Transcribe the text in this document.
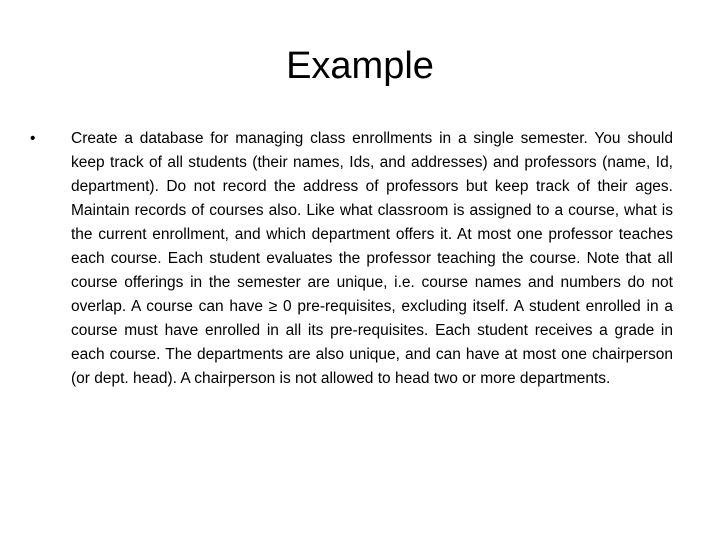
Example
•	Create a database for managing class enrollments in a single semester. You should keep track of all students (their names, Ids, and addresses) and professors (name, Id, department). Do not record the address of professors but keep track of their ages. Maintain records of courses also. Like what classroom is assigned to a course, what is the current enrollment, and which department offers it. At most one professor teaches each course. Each student evaluates the professor teaching the course. Note that all course offerings in the semester are unique, i.e. course names and numbers do not overlap. A course can have ≥ 0 pre-requisites, excluding itself. A student enrolled in a course must have enrolled in all its pre-requisites. Each student receives a grade in each course. The departments are also unique, and can have at most one chairperson (or dept. head). A chairperson is not allowed to head two or more departments.
